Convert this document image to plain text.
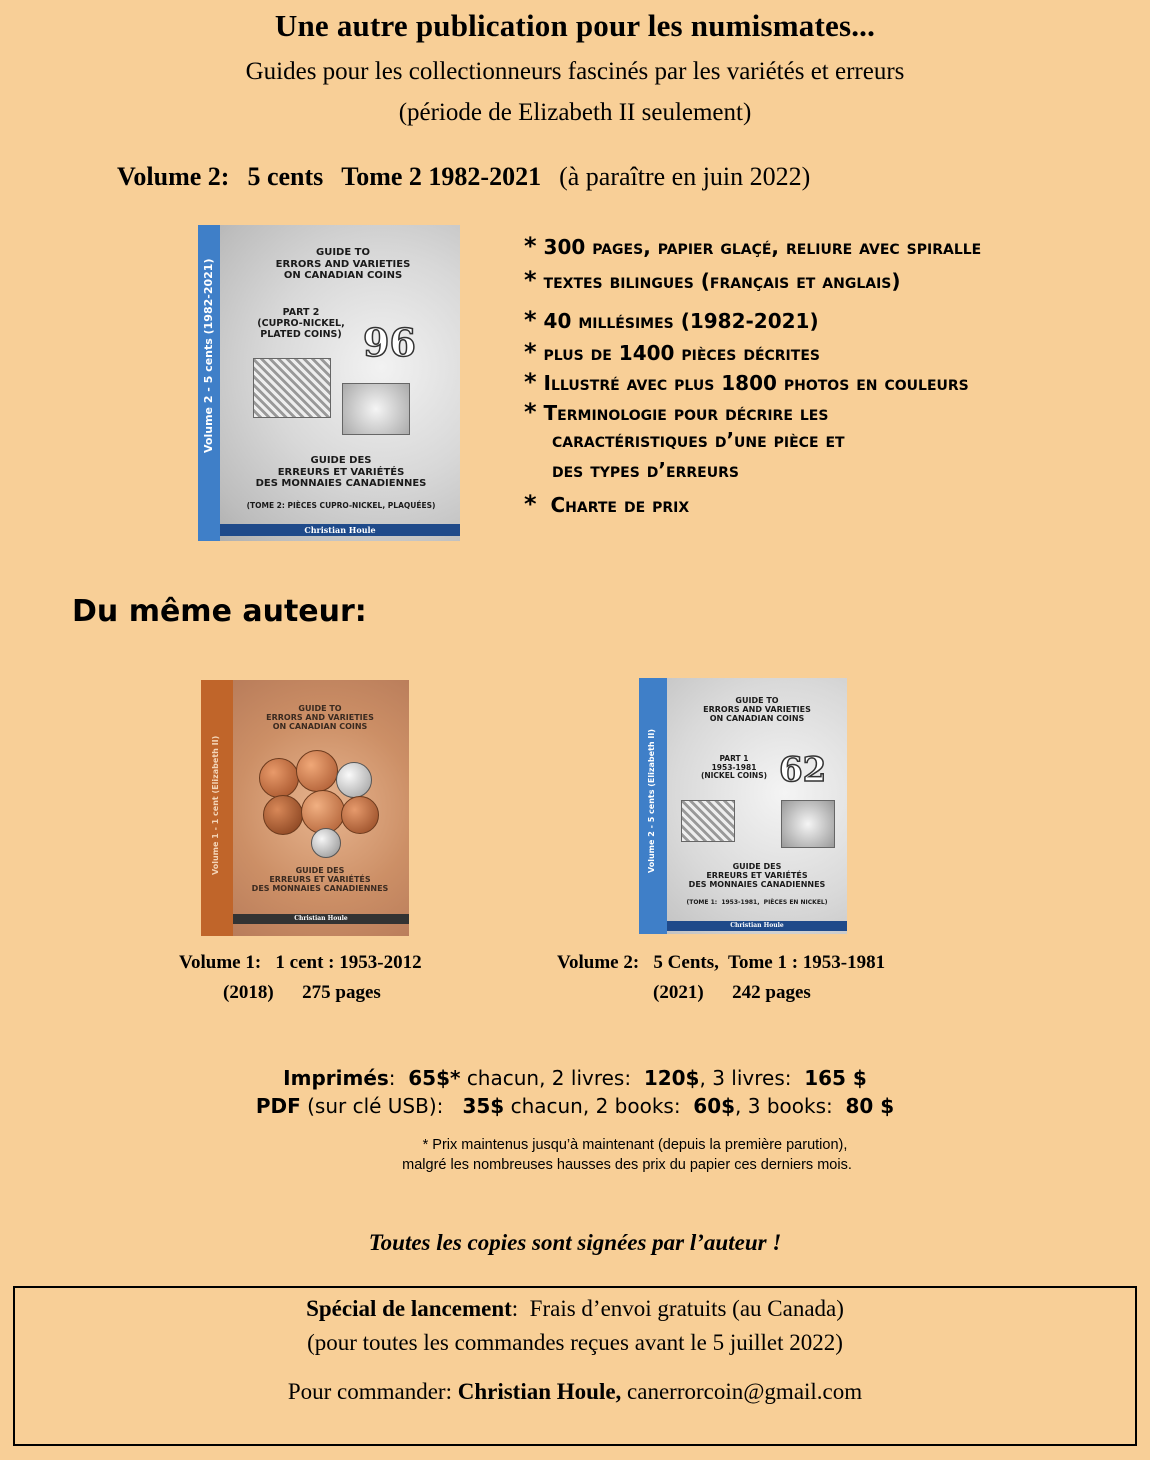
Une autre publication pour les numismates...
Guides pour les collectionneurs fascinés par les variétés et erreurs
(période de Elizabeth II seulement)
Volume 2: 5 cents Tome 2 1982-2021 (à paraître en juin 2022)
Volume 2 - 5 cents (1982-2021)
GUIDE TO
ERRORS AND VARIETIES
ON CANADIAN COINS
PART 2
(CUPRO-NICKEL,
PLATED COINS) 96
GUIDE DES
ERREURS ET VARIÉTÉS
DES MONNAIES CANADIENNES
(TOME 2: PIÈCES CUPRO-NICKEL, PLAQUÉES)
Christian Houle
* 300 pages, papier glaçé, reliure avec spiralle
* textes bilingues (français et anglais)
* 40 millésimes (1982-2021)
* plus de 1400 pièces décrites
* Illustré avec plus 1800 photos en couleurs
* Terminologie pour décrire les
caractéristiques d’une pièce et
des types d’erreurs
* Charte de prix
Du même auteur:
Volume 1 - 1 cent (Elizabeth II)
GUIDE TO
ERRORS AND VARIETIES
ON CANADIAN COINS
GUIDE DES
ERREURS ET VARIÉTÉS
DES MONNAIES CANADIENNES
Christian Houle
Volume 1:   1 cent : 1953-2012
(2018)      275 pages
Volume 2 - 5 cents (Elizabeth II)
GUIDE TO
ERRORS AND VARIETIES
ON CANADIAN COINS
PART 1
1953-1981
(NICKEL COINS) 62
GUIDE DES
ERREURS ET VARIÉTÉS
DES MONNAIES CANADIENNES
(TOME 1:  1953-1981,  PIÈCES EN NICKEL)
Christian Houle
Volume 2:   5 Cents,  Tome 1 : 1953-1981
(2021)      242 pages
Imprimés:  65$* chacun, 2 livres: 120$, 3 livres: 165 $
PDF (sur clé USB): 35$ chacun, 2 books: 60$, 3 books: 80 $
* Prix maintenus jusqu’à maintenant (depuis la première parution),
malgré les nombreuses hausses des prix du papier ces derniers mois.
Toutes les copies sont signées par l’auteur !
Spécial de lancement:  Frais d’envoi gratuits (au Canada)
(pour toutes les commandes reçues avant le 5 juillet 2022)
Pour commander: Christian Houle, canerrorcoin@gmail.com
